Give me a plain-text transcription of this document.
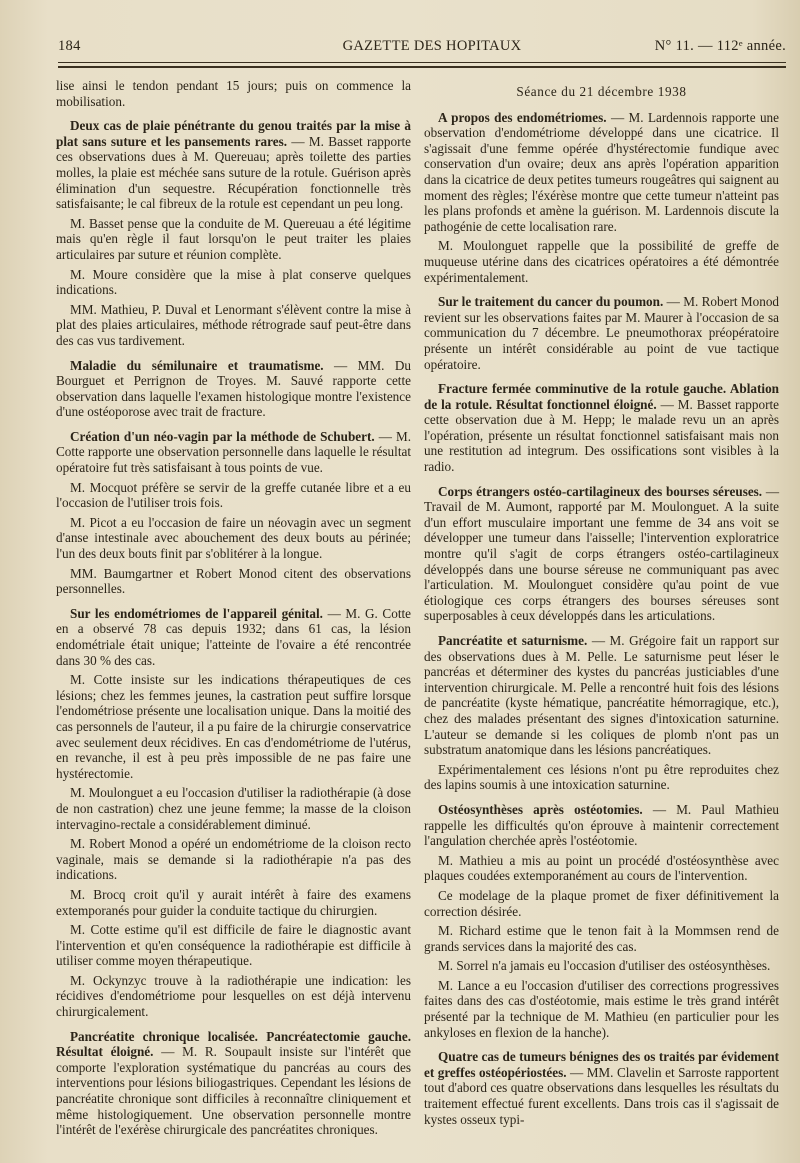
184	GAZETTE DES HOPITAUX	N° 11. — 112ᵉ année.

lise ainsi le tendon pendant 15 jours; puis on commence la mobilisation.

Deux cas de plaie pénétrante du genou traités par la mise à plat sans suture et les pansements rares. — M. Basset rapporte ces observations dues à M. Quereuau; après toilette des parties molles, la plaie est méchée sans suture de la rotule. Guérison après élimination d'un sequestre. Récupération fonctionnelle très satisfaisante; le cal fibreux de la rotule est cependant un peu long.

M. Basset pense que la conduite de M. Quereuau a été légitime mais qu'en règle il faut lorsqu'on le peut traiter les plaies articulaires par suture et réunion complète.

M. Moure considère que la mise à plat conserve quelques indications.

MM. Mathieu, P. Duval et Lenormant s'élèvent contre la mise à plat des plaies articulaires, méthode rétrograde sauf peut-être dans des cas vus tardivement.

Maladie du sémilunaire et traumatisme. — MM. Du Bourguet et Perrignon de Troyes. M. Sauvé rapporte cette observation dans laquelle l'examen histologique montre l'existence d'une ostéoporose avec trait de fracture.

Création d'un néo-vagin par la méthode de Schubert. — M. Cotte rapporte une observation personnelle dans laquelle le résultat opératoire fut très satisfaisant à tous points de vue.

M. Mocquot préfère se servir de la greffe cutanée libre et a eu l'occasion de l'utiliser trois fois.

M. Picot a eu l'occasion de faire un néovagin avec un segment d'anse intestinale avec abouchement des deux bouts au périnée; l'un des deux bouts finit par s'oblitérer à la longue.

MM. Baumgartner et Robert Monod citent des observations personnelles.

Sur les endométriomes de l'appareil génital. — M. G. Cotte en a observé 78 cas depuis 1932; dans 61 cas, la lésion endométriale était unique; l'atteinte de l'ovaire a été rencontrée dans 30 % des cas.

M. Cotte insiste sur les indications thérapeutiques de ces lésions; chez les femmes jeunes, la castration peut suffire lorsque l'endométriose présente une localisation unique. Dans la moitié des cas personnels de l'auteur, il a pu faire de la chirurgie conservatrice avec seulement deux récidives. En cas d'endométriome de l'utérus, en revanche, il est à peu près impossible de ne pas faire une hystérectomie.

M. Moulonguet a eu l'occasion d'utiliser la radiothérapie (à dose de non castration) chez une jeune femme; la masse de la cloison intervagino-rectale a considérablement diminué.

M. Robert Monod a opéré un endométriome de la cloison recto vaginale, mais se demande si la radiothérapie n'a pas des indications.

M. Brocq croit qu'il y aurait intérêt à faire des examens extemporanés pour guider la conduite tactique du chirurgien.

M. Cotte estime qu'il est difficile de faire le diagnostic avant l'intervention et qu'en conséquence la radiothérapie est difficile à utiliser comme moyen thérapeutique.

M. Ockynzyc trouve à la radiothérapie une indication: les récidives d'endométriome pour lesquelles on est déjà intervenu chirurgicalement.

Pancréatite chronique localisée. Pancréatectomie gauche. Résultat éloigné. — M. R. Soupault insiste sur l'intérêt que comporte l'exploration systématique du pancréas au cours des interventions pour lésions biliogastriques. Cependant les lésions de pancréatite chronique sont difficiles à reconnaître cliniquement et même histologiquement. Une observation personnelle montre l'intérêt de l'exérèse chirurgicale des pancréatites chroniques.

Séance du 21 décembre 1938

A propos des endométriomes. — M. Lardennois rapporte une observation d'endométriome développé dans une cicatrice. Il s'agissait d'une femme opérée d'hystérectomie fundique avec conservation d'un ovaire; deux ans après l'opération apparition dans la cicatrice de deux petites tumeurs rougeâtres qui saignent au moment des règles; l'éxérèse montre que cette tumeur n'atteint pas les plans profonds et amène la guérison. M. Lardennois discute la pathogénie de cette localisation rare.

M. Moulonguet rappelle que la possibilité de greffe de muqueuse utérine dans des cicatrices opératoires a été démontrée expérimentalement.

Sur le traitement du cancer du poumon. — M. Robert Monod revient sur les observations faites par M. Maurer à l'occasion de sa communication du 7 décembre. Le pneumothorax préopératoire présente un intérêt considérable au point de vue tactique opératoire.

Fracture fermée comminutive de la rotule gauche. Ablation de la rotule. Résultat fonctionnel éloigné. — M. Basset rapporte cette observation due à M. Hepp; le malade revu un an après l'opération, présente un résultat fonctionnel satisfaisant mais non une restitution ad integrum. Des ossifications sont visibles à la radio.

Corps étrangers ostéo-cartilagineux des bourses séreuses. — Travail de M. Aumont, rapporté par M. Moulonguet. A la suite d'un effort musculaire important une femme de 34 ans voit se développer une tumeur dans l'aisselle; l'intervention exploratrice montre qu'il s'agit de corps étrangers ostéo-cartilagineux développés dans une bourse séreuse ne communiquant pas avec l'articulation. M. Moulonguet considère qu'au point de vue étiologique ces corps étrangers des bourses séreuses sont superposables à ceux développés dans les articulations.

Pancréatite et saturnisme. — M. Grégoire fait un rapport sur des observations dues à M. Pelle. Le saturnisme peut léser le pancréas et déterminer des kystes du pancréas justiciables d'une intervention chirurgicale. M. Pelle a rencontré huit fois des lésions de pancréatite (kyste hématique, pancréatite hémorragique, etc.), chez des malades présentant des signes d'intoxication saturnine. L'auteur se demande si les coliques de plomb n'ont pas un substratum anatomique dans les lésions pancréatiques.

Expérimentalement ces lésions n'ont pu être reproduites chez des lapins soumis à une intoxication saturnine.

Ostéosynthèses après ostéotomies. — M. Paul Mathieu rappelle les difficultés qu'on éprouve à maintenir correctement l'angulation cherchée après l'ostéotomie.

M. Mathieu a mis au point un procédé d'ostéosynthèse avec plaques coudées extemporanément au cours de l'intervention.

Ce modelage de la plaque promet de fixer définitivement la correction désirée.

M. Richard estime que le tenon fait à la Mommsen rend de grands services dans la majorité des cas.

M. Sorrel n'a jamais eu l'occasion d'utiliser des ostéosynthèses.

M. Lance a eu l'occasion d'utiliser des corrections progressives faites dans des cas d'ostéotomie, mais estime le très grand intérêt présenté par la technique de M. Mathieu (en particulier pour les ankyloses en flexion de la hanche).

Quatre cas de tumeurs bénignes des os traités par évidement et greffes ostéopériostées. — MM. Clavelin et Sarroste rapportent tout d'abord ces quatre observations dans lesquelles les résultats du traitement effectué furent excellents. Dans trois cas il s'agissait de kystes osseux typi-
